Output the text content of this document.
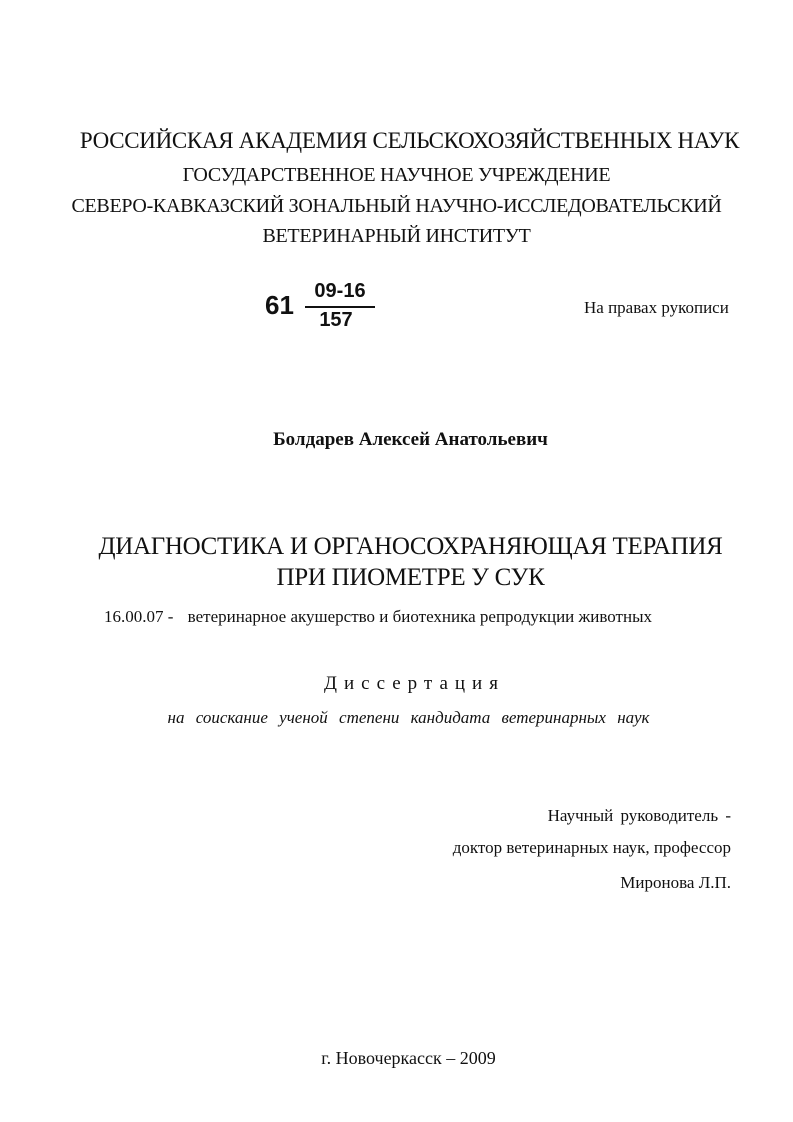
РОССИЙСКАЯ АКАДЕМИЯ СЕЛЬСКОХОЗЯЙСТВЕННЫХ НАУК
ГОСУДАРСТВЕННОЕ НАУЧНОЕ УЧРЕЖДЕНИЕ
СЕВЕРО-КАВКАЗСКИЙ ЗОНАЛЬНЫЙ НАУЧНО-ИССЛЕДОВАТЕЛЬСКИЙ
ВЕТЕРИНАРНЫЙ ИНСТИТУТ
61	09-16
157
На правах рукописи
Болдарев Алексей Анатольевич
ДИАГНОСТИКА И ОРГАНОСОХРАНЯЮЩАЯ ТЕРАПИЯ
ПРИ ПИОМЕТРЕ У СУК
16.00.07 - ветеринарное акушерство и биотехника репродукции животных
Диссертация
на соискание ученой степени кандидата ветеринарных наук
Научный руководитель -
доктор ветеринарных наук, профессор
Миронова Л.П.
г. Новочеркасск – 2009
